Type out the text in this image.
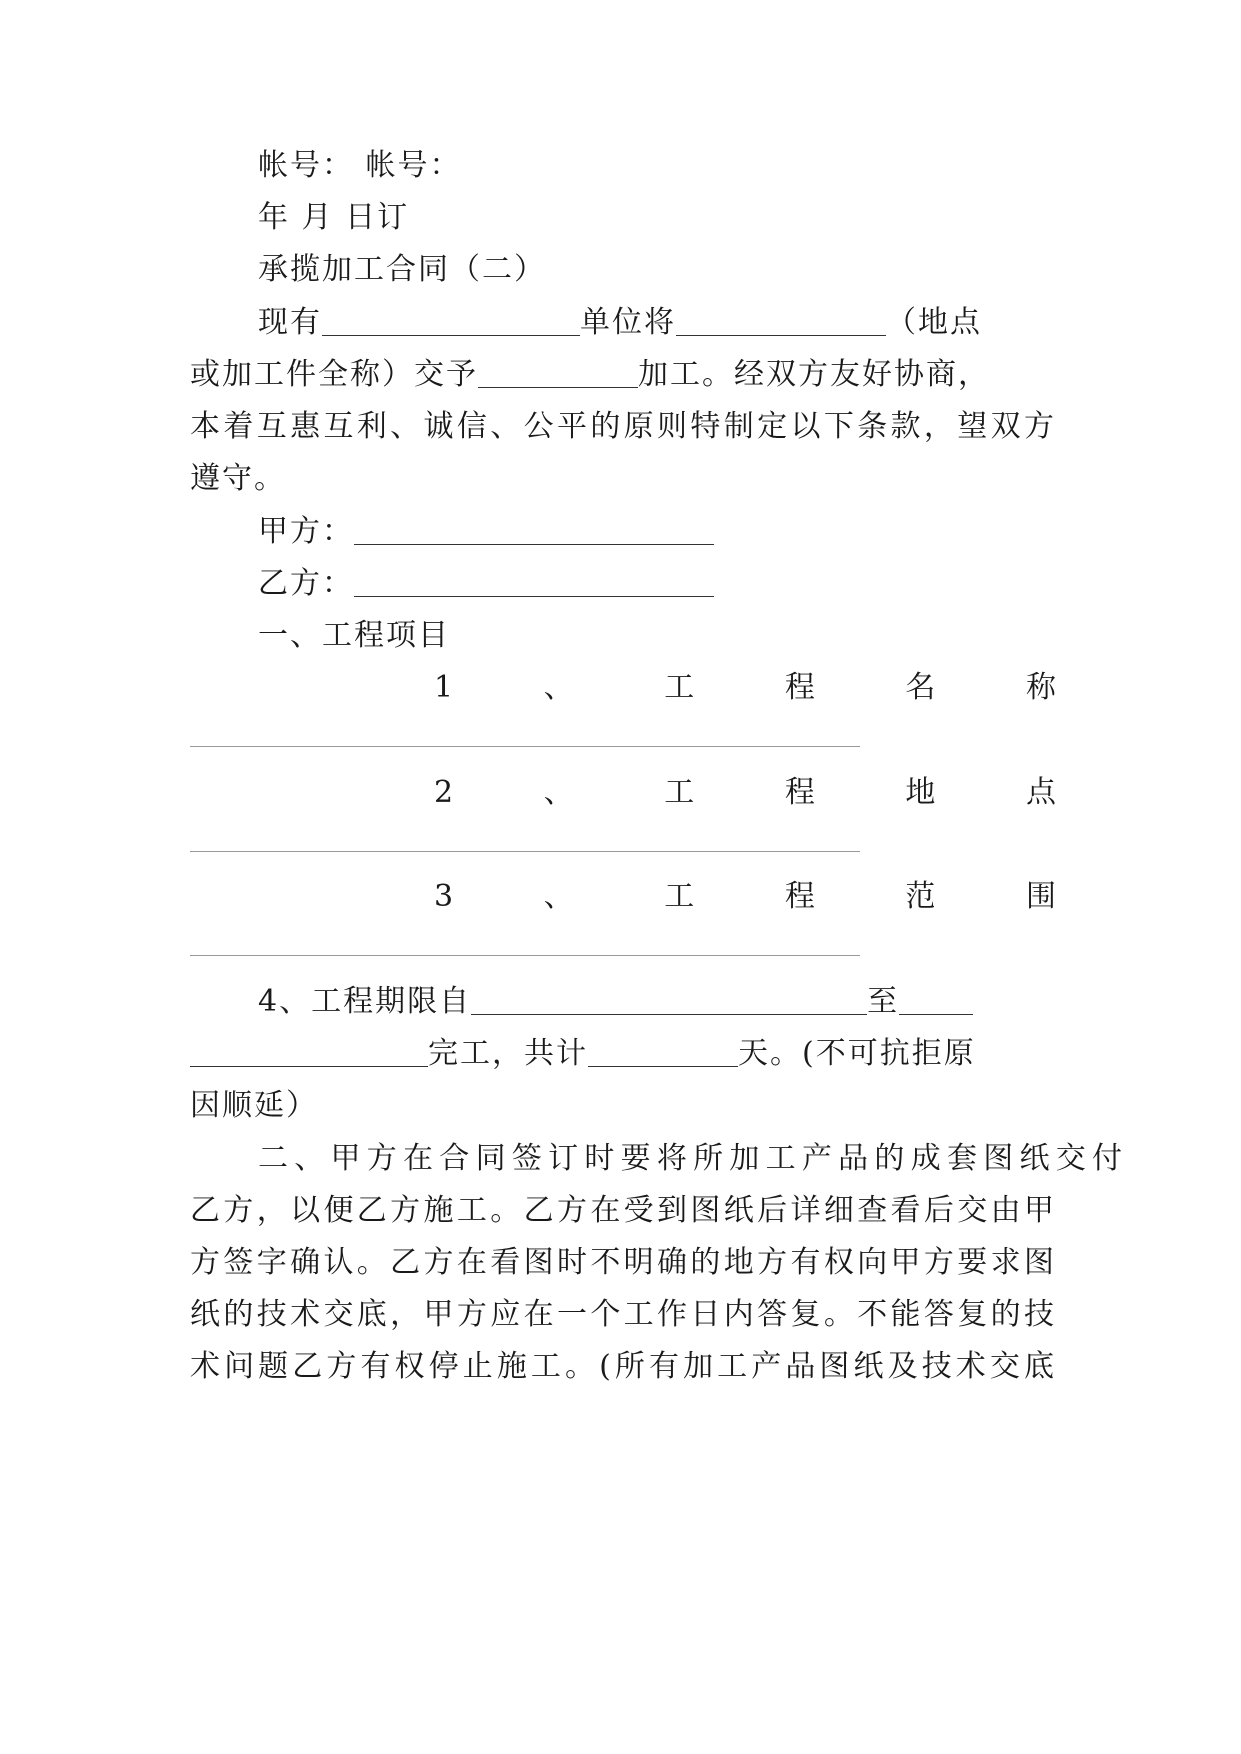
帐号： 帐号：

年 月 日订

承揽加工合同（二）

现有	单位将	（地点

或加工件全称）交予	加工。经双方友好协商，

本着互惠互利、诚信、公平的原则特制定以下条款，望双方

遵守。

甲方：

乙方：

一、工程项目

1	、	工	程	名	称
2	、	工	程	地	点
3	、	工	程	范	围

4、工程期限自	至

完工，共计	天。(不可抗拒原

因顺延）

二、甲方在合同签订时要将所加工产品的成套图纸交付

乙方，以便乙方施工。乙方在受到图纸后详细查看后交由甲

方签字确认。乙方在看图时不明确的地方有权向甲方要求图

纸的技术交底，甲方应在一个工作日内答复。不能答复的技

术问题乙方有权停止施工。(所有加工产品图纸及技术交底
